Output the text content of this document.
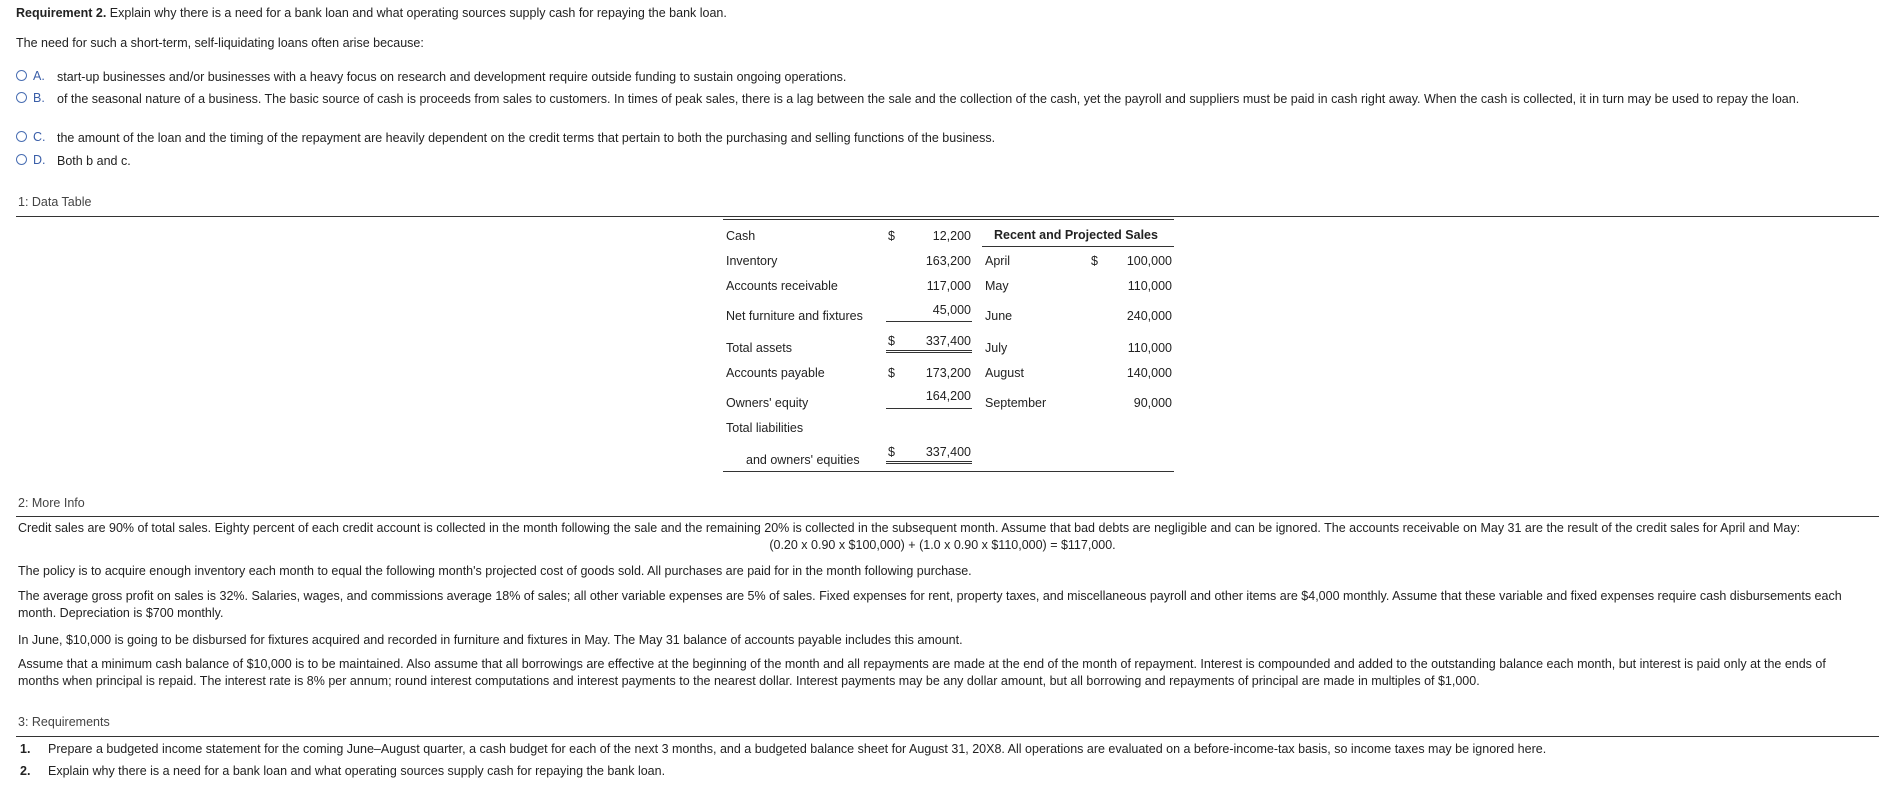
Requirement 2. Explain why there is a need for a bank loan and what operating sources supply cash for repaying the bank loan.
The need for such a short-term, self-liquidating loans often arise because:
A. start-up businesses and/or businesses with a heavy focus on research and development require outside funding to sustain ongoing operations.
B. of the seasonal nature of a business. The basic source of cash is proceeds from sales to customers. In times of peak sales, there is a lag between the sale and the collection of the cash, yet the payroll and suppliers must be paid in cash right away. When the cash is collected, it in turn may be used to repay the loan.
C. the amount of the loan and the timing of the repayment are heavily dependent on the credit terms that pertain to both the purchasing and selling functions of the business.
D. Both b and c.
1: Data Table
Cash	$	12,200
Inventory	163,200
Accounts receivable	117,000
Net furniture and fixtures	45,000
Total assets	$	337,400
Accounts payable	$	173,200
Owners' equity	164,200
Total liabilities
and owners' equities
$	337,400
Recent and Projected Sales
April	$	100,000
May	110,000
June	240,000
July	110,000
August	140,000
September	90,000
2: More Info
Credit sales are 90% of total sales. Eighty percent of each credit account is collected in the month following the sale and the remaining 20% is collected in the subsequent month. Assume that bad debts are negligible and can be ignored. The accounts receivable on May 31 are the result of the credit sales for April and May:
(0.20 x 0.90 x $100,000) + (1.0 x 0.90 x $110,000) = $117,000.
The policy is to acquire enough inventory each month to equal the following month's projected cost of goods sold. All purchases are paid for in the month following purchase.
The average gross profit on sales is 32%. Salaries, wages, and commissions average 18% of sales; all other variable expenses are 5% of sales. Fixed expenses for rent, property taxes, and miscellaneous payroll and other items are $4,000 monthly. Assume that these variable and fixed expenses require cash disbursements each month. Depreciation is $700 monthly.
In June, $10,000 is going to be disbursed for fixtures acquired and recorded in furniture and fixtures in May. The May 31 balance of accounts payable includes this amount.
Assume that a minimum cash balance of $10,000 is to be maintained. Also assume that all borrowings are effective at the beginning of the month and all repayments are made at the end of the month of repayment. Interest is compounded and added to the outstanding balance each month, but interest is paid only at the ends of months when principal is repaid. The interest rate is 8% per annum; round interest computations and interest payments to the nearest dollar. Interest payments may be any dollar amount, but all borrowing and repayments of principal are made in multiples of $1,000.
3: Requirements
1.	Prepare a budgeted income statement for the coming June–August quarter, a cash budget for each of the next 3 months, and a budgeted balance sheet for August 31, 20X8. All operations are evaluated on a before-income-tax basis, so income taxes may be ignored here.
2.	Explain why there is a need for a bank loan and what operating sources supply cash for repaying the bank loan.
